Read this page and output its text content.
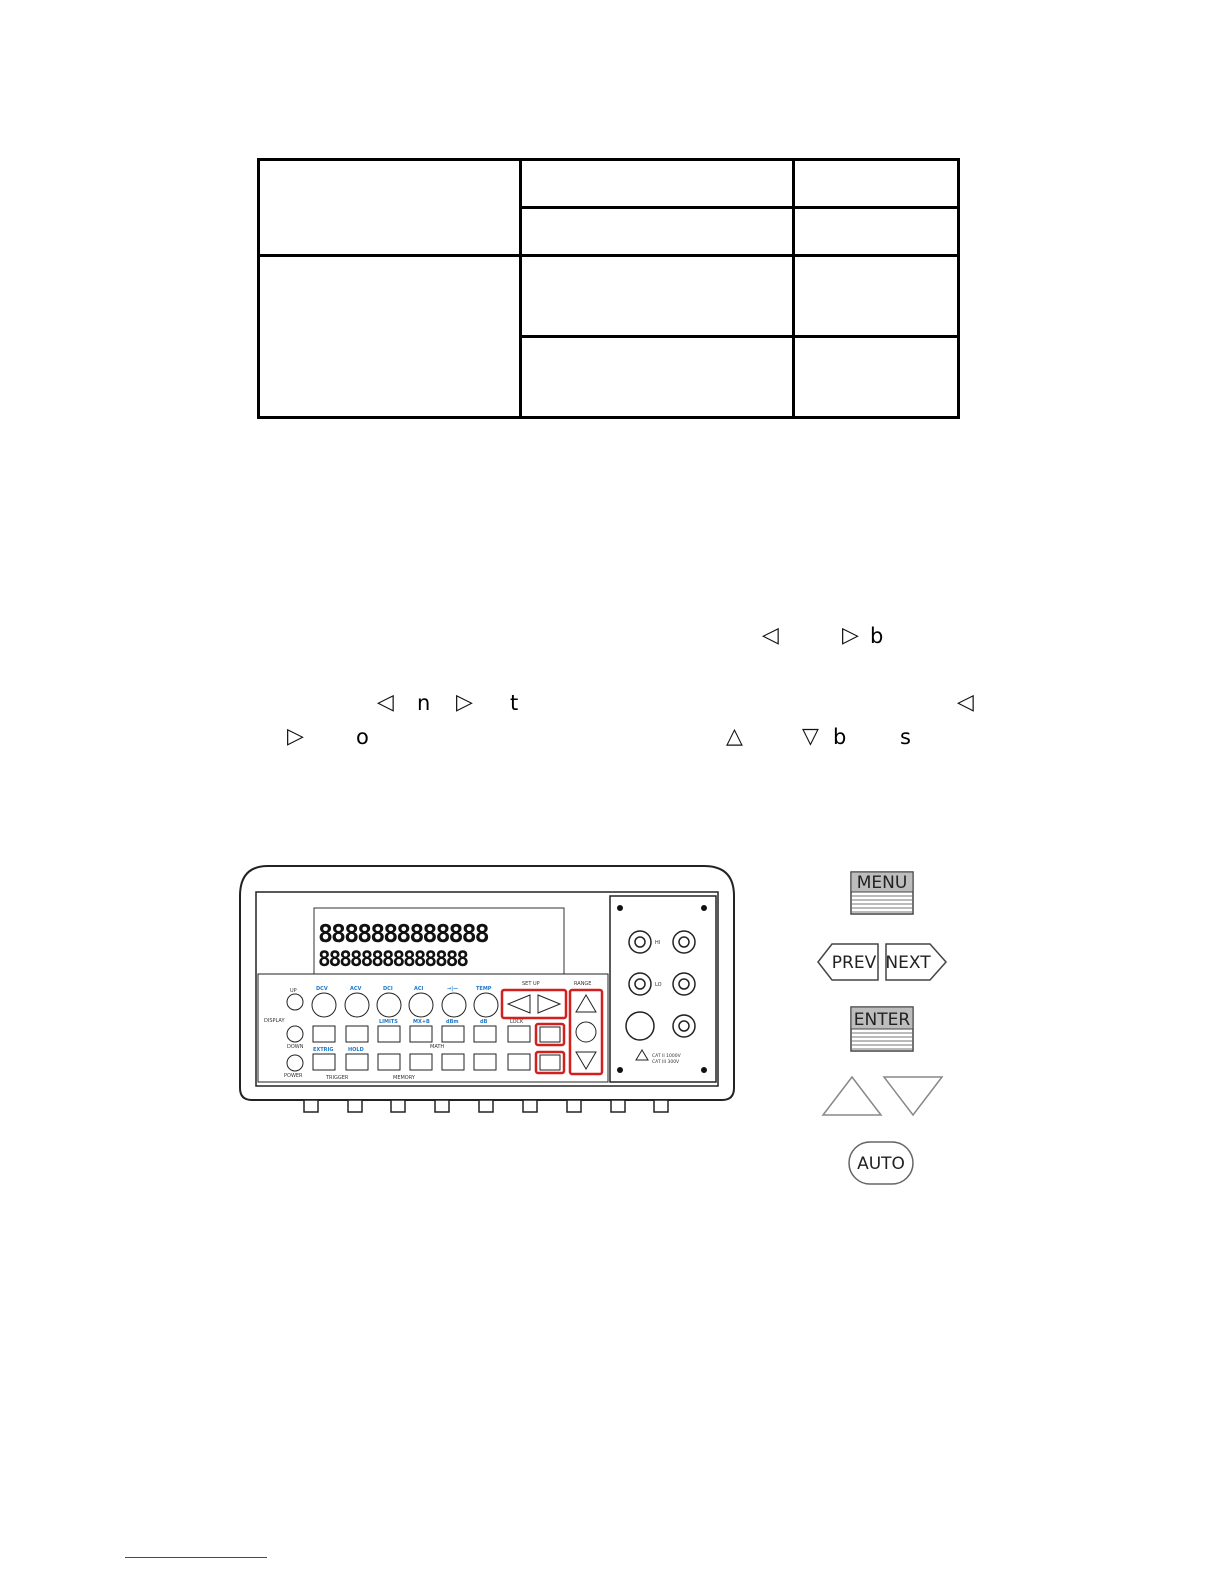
◁	▷ b
◁ n ▷ t	◁
▷ o	△	▽ b	s
8888888888888
88888888888888
UP
DISPLAY
DOWN
POWER
DCV	ACV	DCI	ACI	→|—	TEMP
LIMITS	MX+B	dBm	dB
EXTRIG	HOLD
TRIGGER	MEMORY
MATH
LOCK
SET UP	RANGE
HI
LO
CAT II 1000V
CAT III 300V
MENU
PREV NEXT
ENTER
AUTO
